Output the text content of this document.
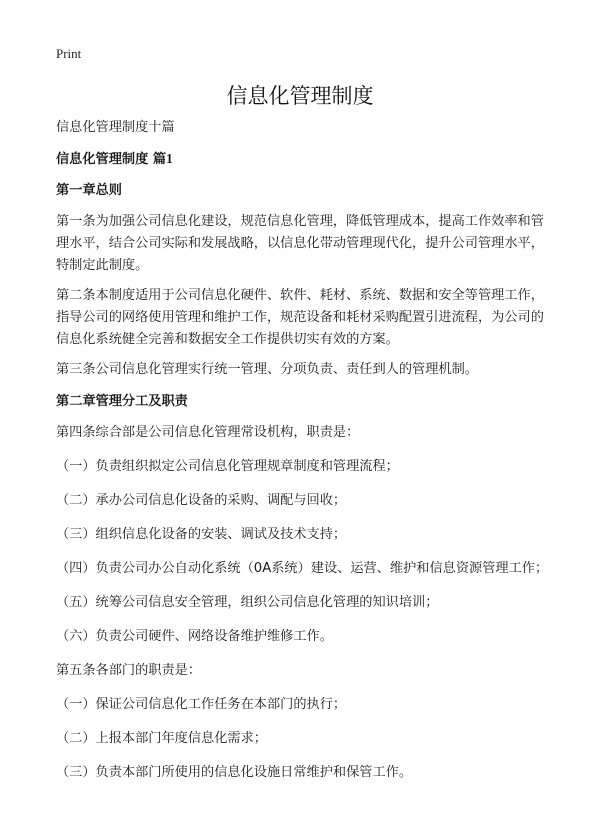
Print
信息化管理制度
信息化管理制度十篇
信息化管理制度 篇1
第一章总则
第一条为加强公司信息化建设，规范信息化管理，降低管理成本，提高工作效率和管理水平，结合公司实际和发展战略，以信息化带动管理现代化，提升公司管理水平，特制定此制度。
第二条本制度适用于公司信息化硬件、软件、耗材、系统、数据和安全等管理工作，指导公司的网络使用管理和维护工作，规范设备和耗材采购配置引进流程，为公司的信息化系统健全完善和数据安全工作提供切实有效的方案。
第三条公司信息化管理实行统一管理、分项负责、责任到人的管理机制。
第二章管理分工及职责
第四条综合部是公司信息化管理常设机构，职责是：
（一）负责组织拟定公司信息化管理规章制度和管理流程；
（二）承办公司信息化设备的采购、调配与回收；
（三）组织信息化设备的安装、调试及技术支持；
（四）负责公司办公自动化系统（0A系统）建设、运营、维护和信息资源管理工作；
（五）统筹公司信息安全管理，组织公司信息化管理的知识培训；
（六）负责公司硬件、网络设备维护维修工作。
第五条各部门的职责是：
（一）保证公司信息化工作任务在本部门的执行；
（二）上报本部门年度信息化需求；
（三）负责本部门所使用的信息化设施日常维护和保管工作。
